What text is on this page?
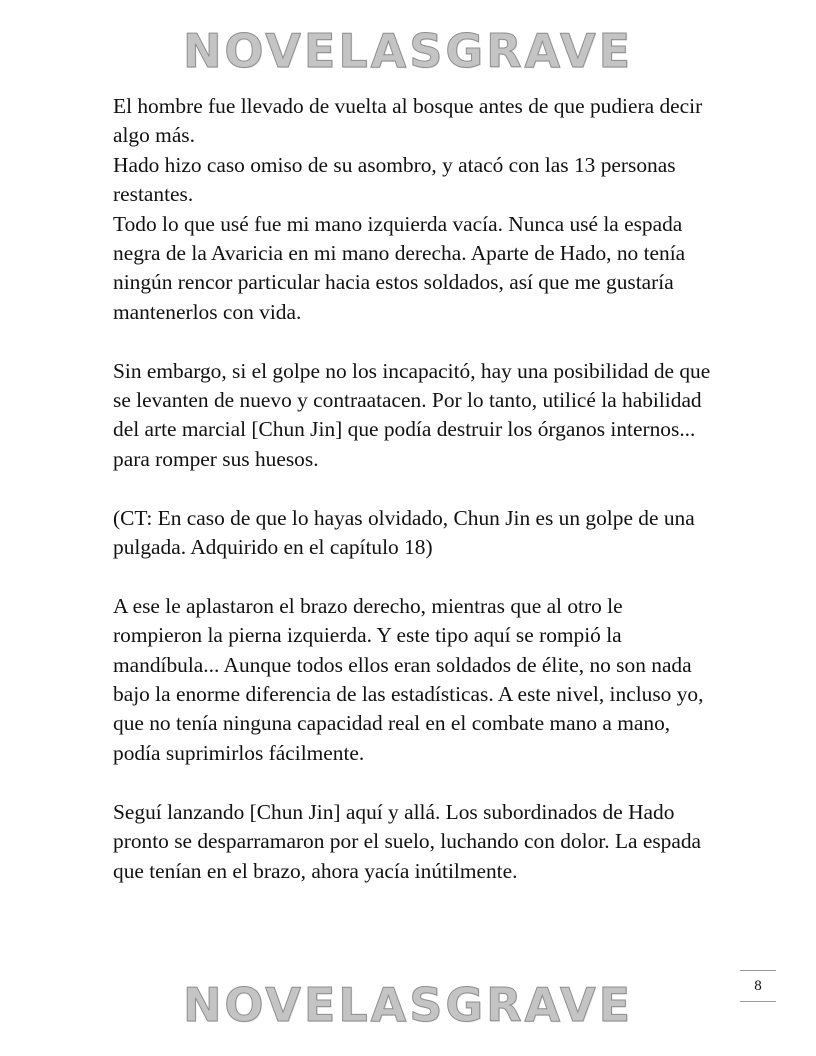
NOVELASGRAVE

El hombre fue llevado de vuelta al bosque antes de que pudiera decir algo más.

Hado hizo caso omiso de su asombro, y atacó con las 13 personas restantes.

Todo lo que usé fue mi mano izquierda vacía. Nunca usé la espada negra de la Avaricia en mi mano derecha. Aparte de Hado, no tenía ningún rencor particular hacia estos soldados, así que me gustaría mantenerlos con vida.

Sin embargo, si el golpe no los incapacitó, hay una posibilidad de que se levanten de nuevo y contraatacen. Por lo tanto, utilicé la habilidad del arte marcial [Chun Jin] que podía destruir los órganos internos... para romper sus huesos.

(CT: En caso de que lo hayas olvidado, Chun Jin es un golpe de una pulgada. Adquirido en el capítulo 18)

A ese le aplastaron el brazo derecho, mientras que al otro le rompieron la pierna izquierda. Y este tipo aquí se rompió la mandíbula... Aunque todos ellos eran soldados de élite, no son nada bajo la enorme diferencia de las estadísticas. A este nivel, incluso yo, que no tenía ninguna capacidad real en el combate mano a mano, podía suprimirlos fácilmente.

Seguí lanzando [Chun Jin] aquí y allá. Los subordinados de Hado pronto se desparramaron por el suelo, luchando con dolor. La espada que tenían en el brazo, ahora yacía inútilmente.

8
NOVELASGRAVE
